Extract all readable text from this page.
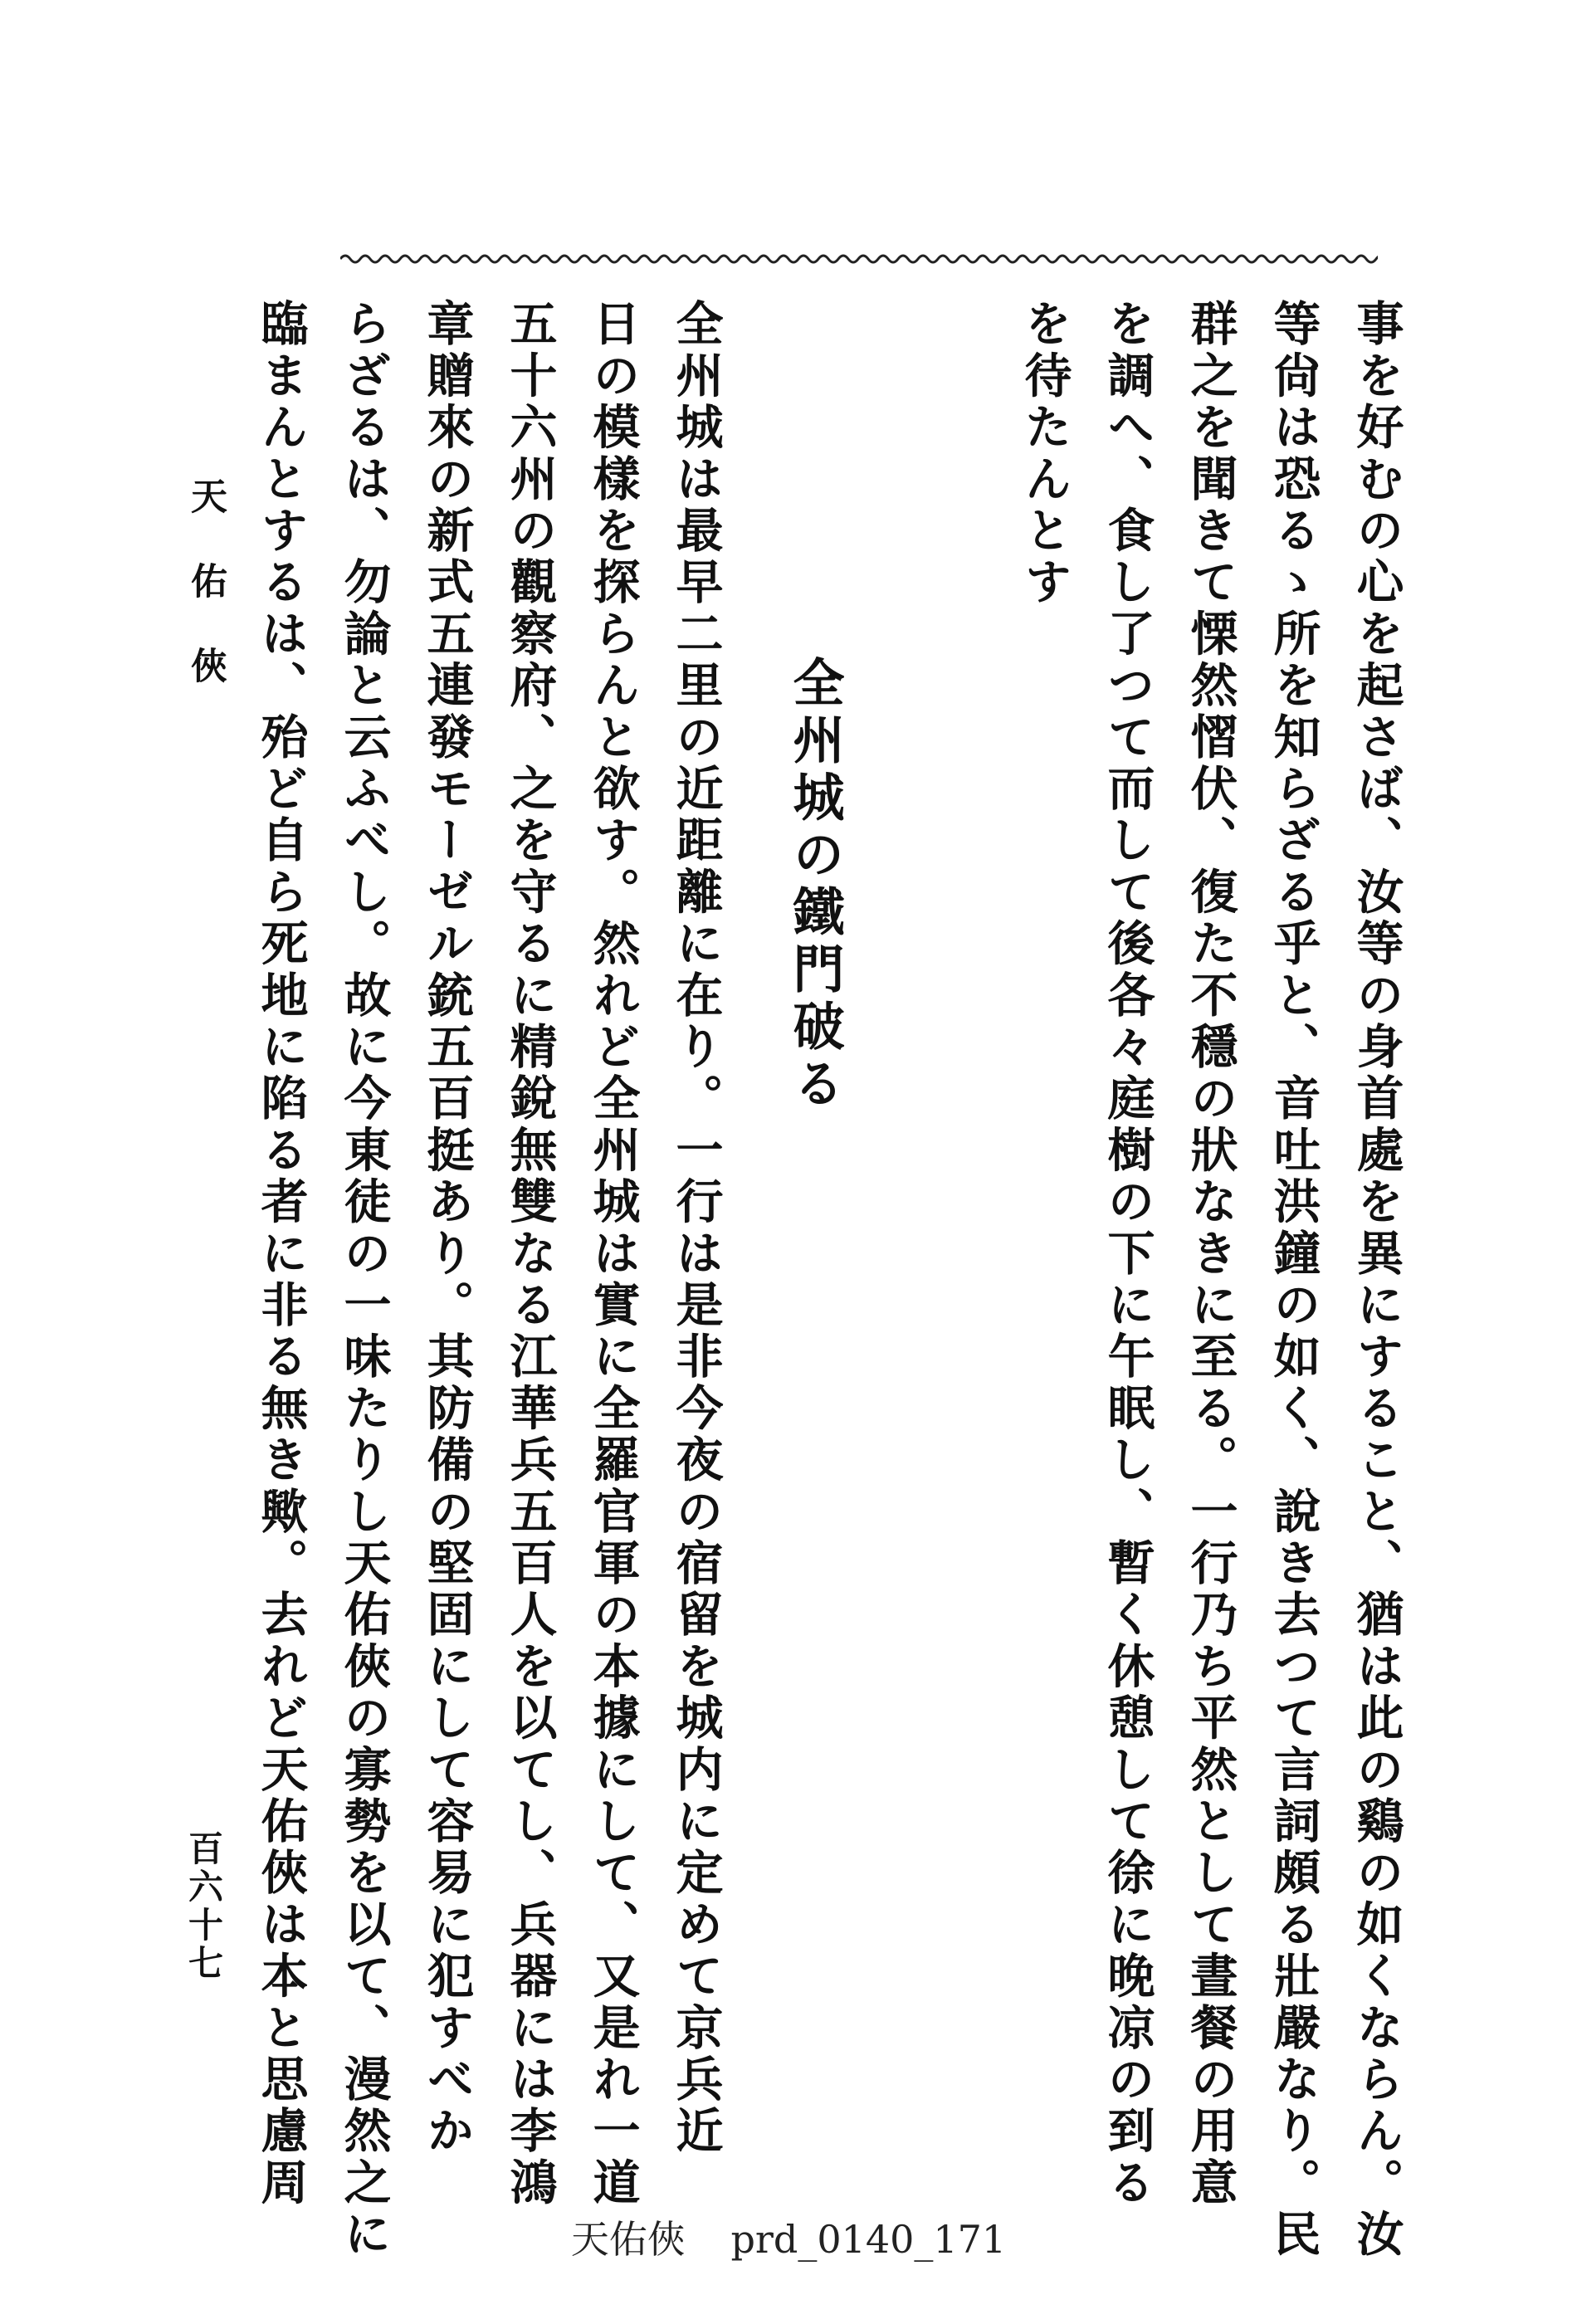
事を好むの心を起さば、汝等の身首處を異にすること、猶は此の鷄の如くならん。汝
等尙は恐るゝ所を知らざる乎と、音吐洪鐘の如く、說き去つて言詞頗る壯嚴なり。民
群之を聞きて慄然慴伏、復た不穩の狀なきに至る。一行乃ち平然として晝餐の用意
を調へ、食し了つて而して後各々庭樹の下に午眠し、暫く休憩して徐に晚凉の到る
を待たんとす
全州城の鐵門破る
全州城は最早二里の近距離に在り。一行は是非今夜の宿留を城内に定めて京兵近
日の模樣を探らんと欲す。然れど全州城は實に全羅官軍の本據にして、又是れ一道
五十六州の觀察府、之を守るに精銳無雙なる江華兵五百人を以てし、兵器には李鴻
章贈來の新式五連發モーゼル銃五百挺あり。其防備の堅固にして容易に犯すべか
らざるは、勿論と云ふべし。故に今東徒の一味たりし天佑俠の寡勢を以て、漫然之に
臨まんとするは、殆ど自ら死地に陷る者に非る無き歟。去れど天佑俠は本と思慮周
天佑俠
百六十七
天佑俠 prd_0140_171
